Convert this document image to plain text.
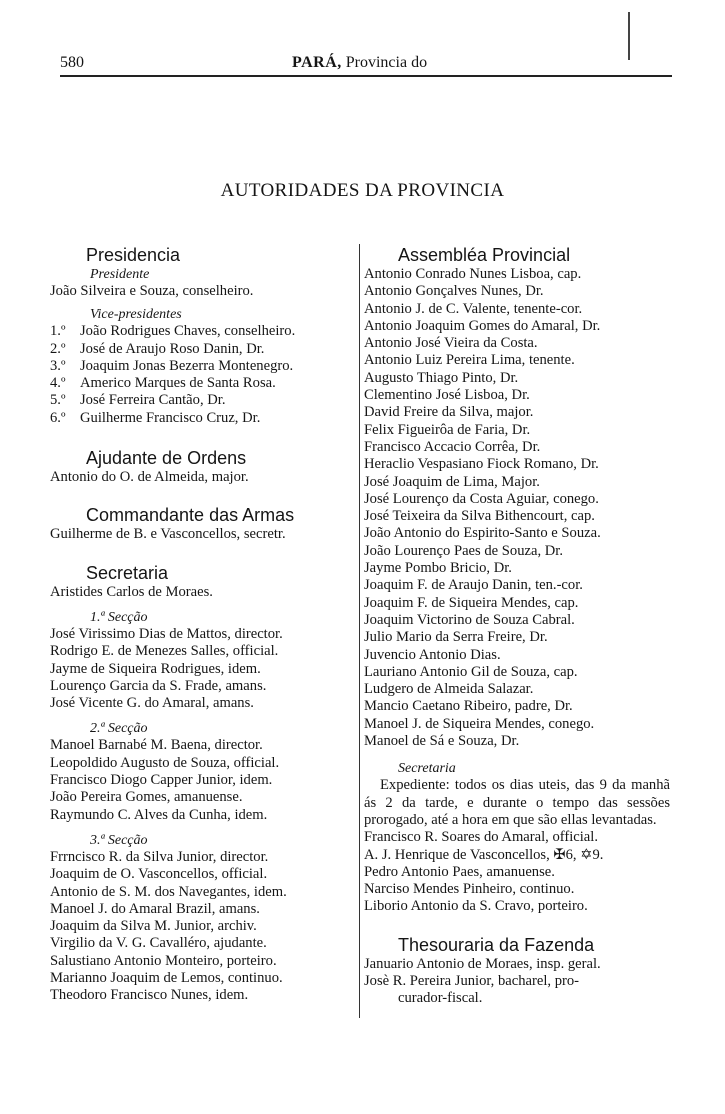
580	PARÁ, Provincia do
AUTORIDADES DA PROVINCIA
Presidencia
Presidente
João Silveira e Souza, conselheiro.
Vice-presidentes
1.º João Rodrigues Chaves, conselheiro.
2.º José de Araujo Roso Danin, Dr.
3.º Joaquim Jonas Bezerra Montenegro.
4.º Americo Marques de Santa Rosa.
5.º José Ferreira Cantão, Dr.
6.º Guilherme Francisco Cruz, Dr.
Ajudante de Ordens
Antonio do O. de Almeida, major.
Commandante das Armas
Guilherme de B. e Vasconcellos, secretr.
Secretaria
Aristides Carlos de Moraes.
1.ª Secção
José Virissimo Dias de Mattos, director.
Rodrigo E. de Menezes Salles, official.
Jayme de Siqueira Rodrigues, idem.
Lourenço Garcia da S. Frade, amans.
José Vicente G. do Amaral, amans.
2.ª Secção
Manoel Barnabé M. Baena, director.
Leopoldido Augusto de Souza, official.
Francisco Diogo Capper Junior, idem.
João Pereira Gomes, amanuense.
Raymundo C. Alves da Cunha, idem.
3.ª Secção
Frrncisco R. da Silva Junior, director.
Joaquim de O. Vasconcellos, official.
Antonio de S. M. dos Navegantes, idem.
Manoel J. do Amaral Brazil, amans.
Joaquim da Silva M. Junior, archiv.
Virgilio da V. G. Cavalléro, ajudante.
Salustiano Antonio Monteiro, porteiro.
Marianno Joaquim de Lemos, continuo.
Theodoro Francisco Nunes, idem.
Assembléa Provincial
Antonio Conrado Nunes Lisboa, cap.
Antonio Gonçalves Nunes, Dr.
Antonio J. de C. Valente, tenente-cor.
Antonio Joaquim Gomes do Amaral, Dr.
Antonio José Vieira da Costa.
Antonio Luiz Pereira Lima, tenente.
Augusto Thiago Pinto, Dr.
Clementino José Lisboa, Dr.
David Freire da Silva, major.
Felix Figueirôa de Faria, Dr.
Francisco Accacio Corrêa, Dr.
Heraclio Vespasiano Fiock Romano, Dr.
José Joaquim de Lima, Major.
José Lourenço da Costa Aguiar, conego.
José Teixeira da Silva Bithencourt, cap.
João Antonio do Espirito-Santo e Souza.
João Lourenço Paes de Souza, Dr.
Jayme Pombo Bricio, Dr.
Joaquim F. de Araujo Danin, ten.-cor.
Joaquim F. de Siqueira Mendes, cap.
Joaquim Victorino de Souza Cabral.
Julio Mario da Serra Freire, Dr.
Juvencio Antonio Dias.
Lauriano Antonio Gil de Souza, cap.
Ludgero de Almeida Salazar.
Mancio Caetano Ribeiro, padre, Dr.
Manoel J. de Siqueira Mendes, conego.
Manoel de Sá e Souza, Dr.
Secretaria
Expediente: todos os dias uteis, das 9 da manhã ás 2 da tarde, e durante o tempo das sessões prorogado, até a hora em que são ellas levantadas.
Francisco R. Soares do Amaral, official.
A. J. Henrique de Vasconcellos, ✠6, ✡9.
Pedro Antonio Paes, amanuense.
Narciso Mendes Pinheiro, continuo.
Liborio Antonio da S. Cravo, porteiro.
Thesouraria da Fazenda
Januario Antonio de Moraes, insp. geral.
Josè R. Pereira Junior, bacharel, pro-
curador-fiscal.
